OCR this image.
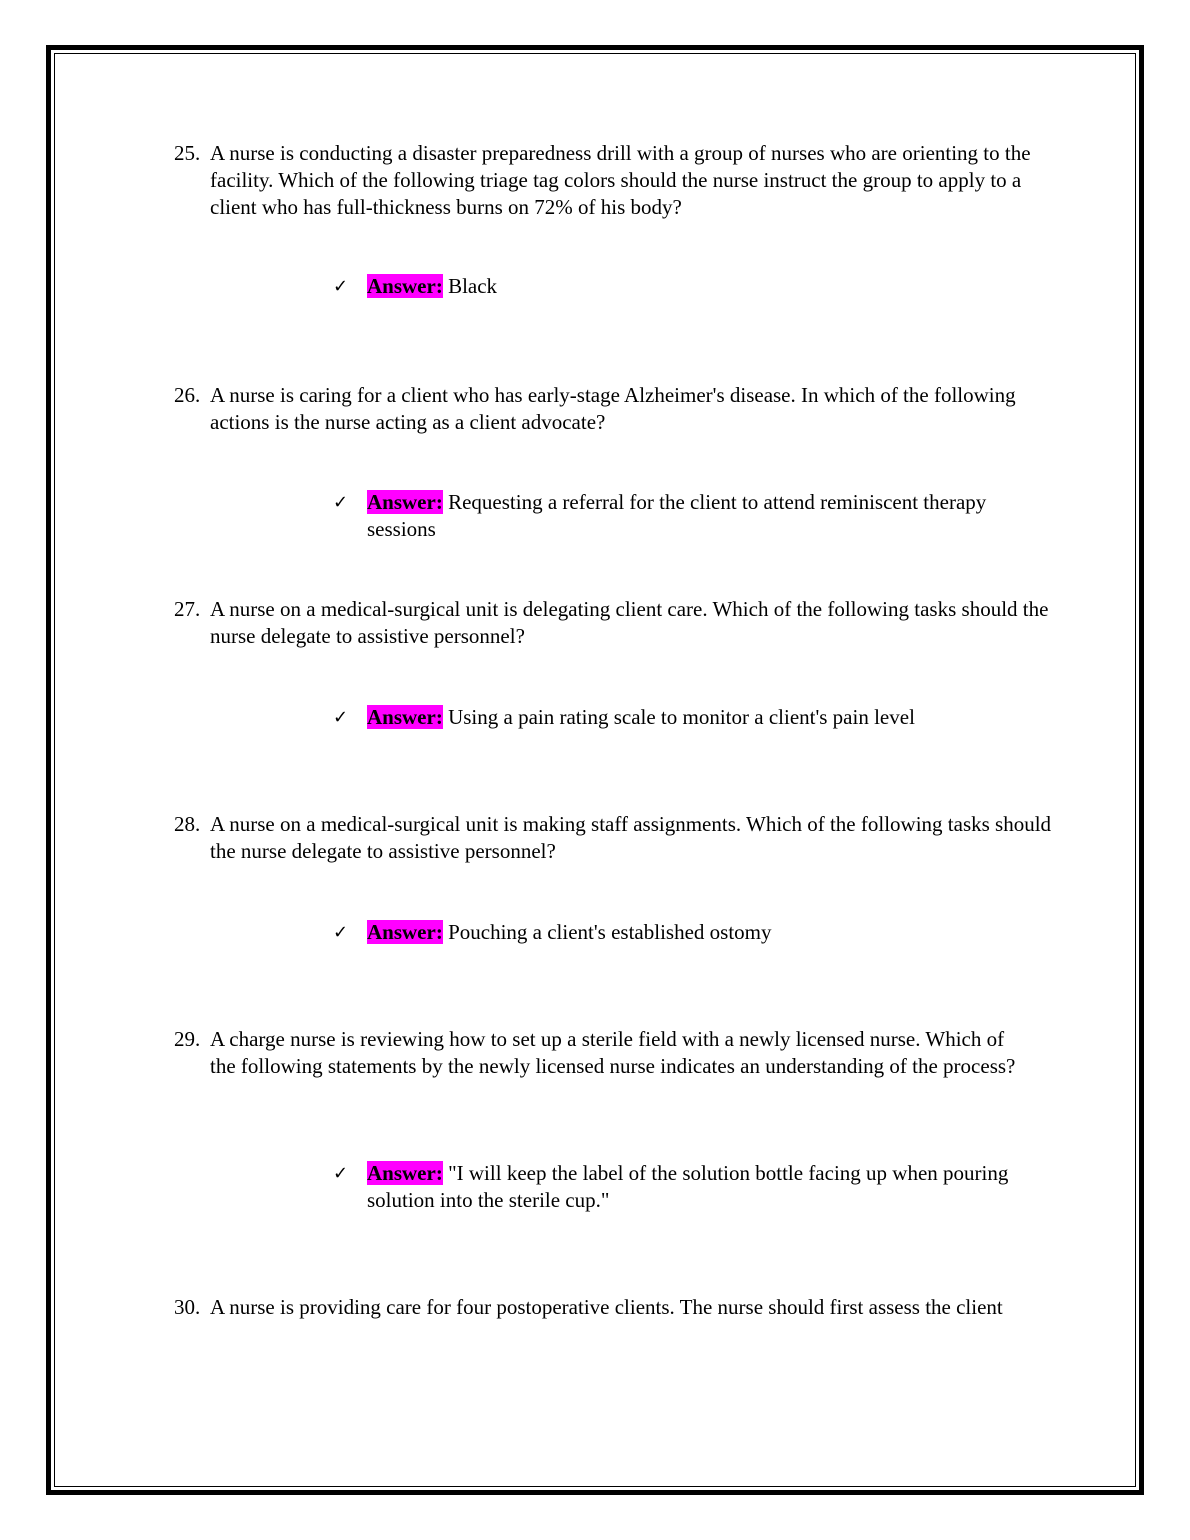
25. A nurse is conducting a disaster preparedness drill with a group of nurses who are orienting to the facility. Which of the following triage tag colors should the nurse instruct the group to apply to a client who has full-thickness burns on 72% of his body?
✓ Answer: Black
26. A nurse is caring for a client who has early-stage Alzheimer's disease. In which of the following actions is the nurse acting as a client advocate?
✓ Answer: Requesting a referral for the client to attend reminiscent therapy sessions
27. A nurse on a medical-surgical unit is delegating client care. Which of the following tasks should the nurse delegate to assistive personnel?
✓ Answer: Using a pain rating scale to monitor a client's pain level
28. A nurse on a medical-surgical unit is making staff assignments. Which of the following tasks should the nurse delegate to assistive personnel?
✓ Answer: Pouching a client's established ostomy
29. A charge nurse is reviewing how to set up a sterile field with a newly licensed nurse. Which of the following statements by the newly licensed nurse indicates an understanding of the process?
✓ Answer: "I will keep the label of the solution bottle facing up when pouring solution into the sterile cup."
30. A nurse is providing care for four postoperative clients. The nurse should first assess the client
